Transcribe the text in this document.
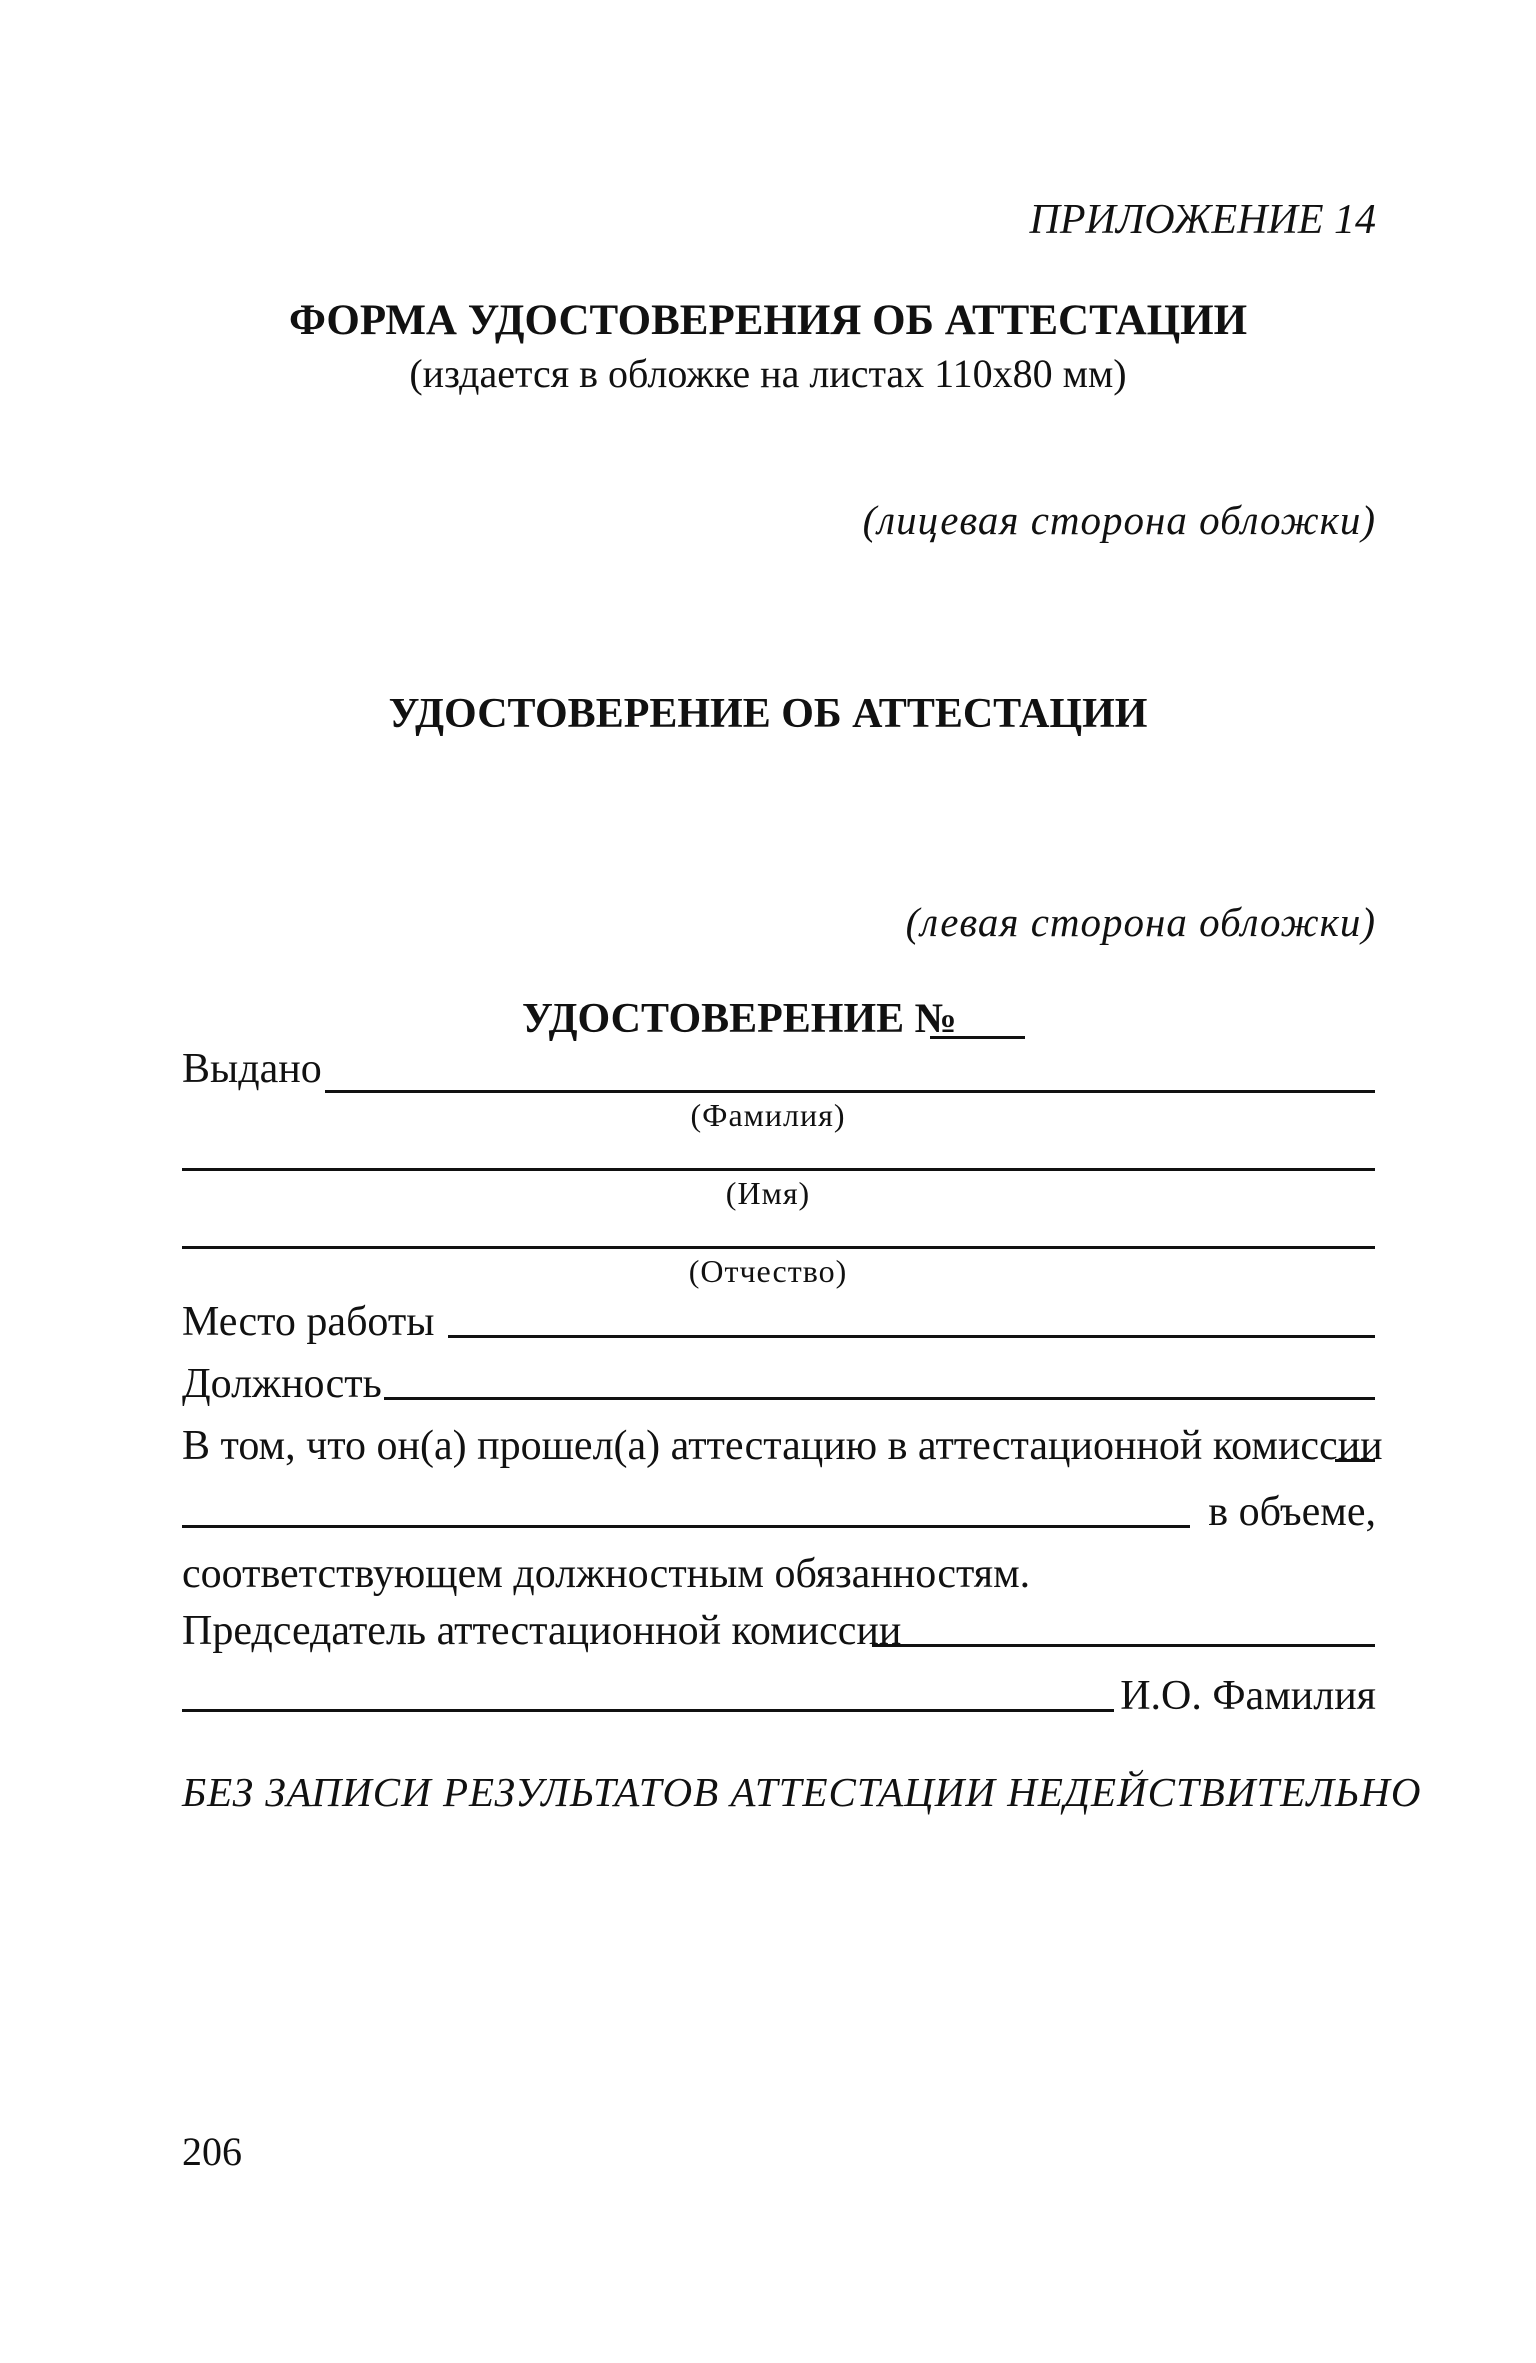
ПРИЛОЖЕНИЕ 14
ФОРМА УДОСТОВЕРЕНИЯ ОБ АТТЕСТАЦИИ
(издается в обложке на листах 110х80 мм)
(лицевая сторона обложки)
УДОСТОВЕРЕНИЕ ОБ АТТЕСТАЦИИ
(левая сторона обложки)
УДОСТОВЕРЕНИЕ №
Выдано
(Фамилия)
(Имя)
(Отчество)
Место работы
Должность
В том, что он(а) прошел(а) аттестацию в аттестационной комиссии
в объеме,
соответствующем должностным обязанностям.
Председатель аттестационной комиссии
И.О. Фамилия
БЕЗ ЗАПИСИ РЕЗУЛЬТАТОВ АТТЕСТАЦИИ НЕДЕЙСТВИТЕЛЬНО
206
